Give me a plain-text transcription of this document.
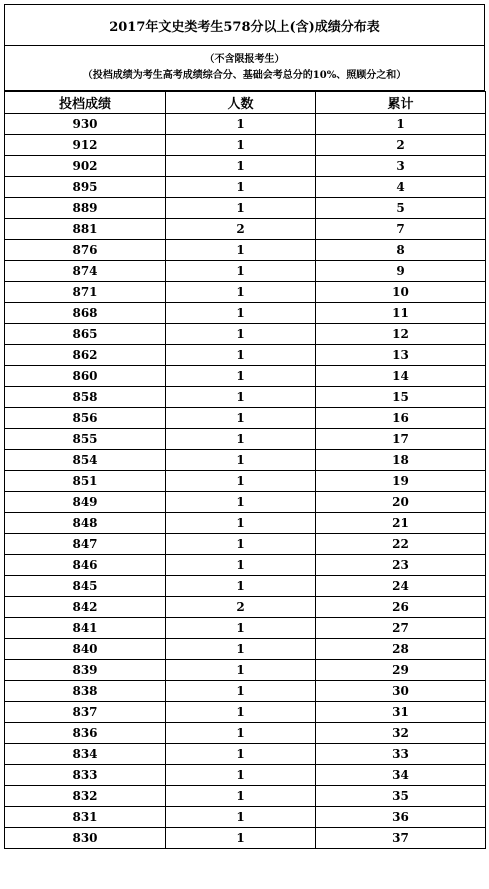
2017年文史类考生578分以上(含)成绩分布表
（不含限报考生）
（投档成绩为考生高考成绩综合分、基础会考总分的10%、照顾分之和）
投档成绩	人数	累计
930	1	1
912	1	2
902	1	3
895	1	4
889	1	5
881	2	7
876	1	8
874	1	9
871	1	10
868	1	11
865	1	12
862	1	13
860	1	14
858	1	15
856	1	16
855	1	17
854	1	18
851	1	19
849	1	20
848	1	21
847	1	22
846	1	23
845	1	24
842	2	26
841	1	27
840	1	28
839	1	29
838	1	30
837	1	31
836	1	32
834	1	33
833	1	34
832	1	35
831	1	36
830	1	37
